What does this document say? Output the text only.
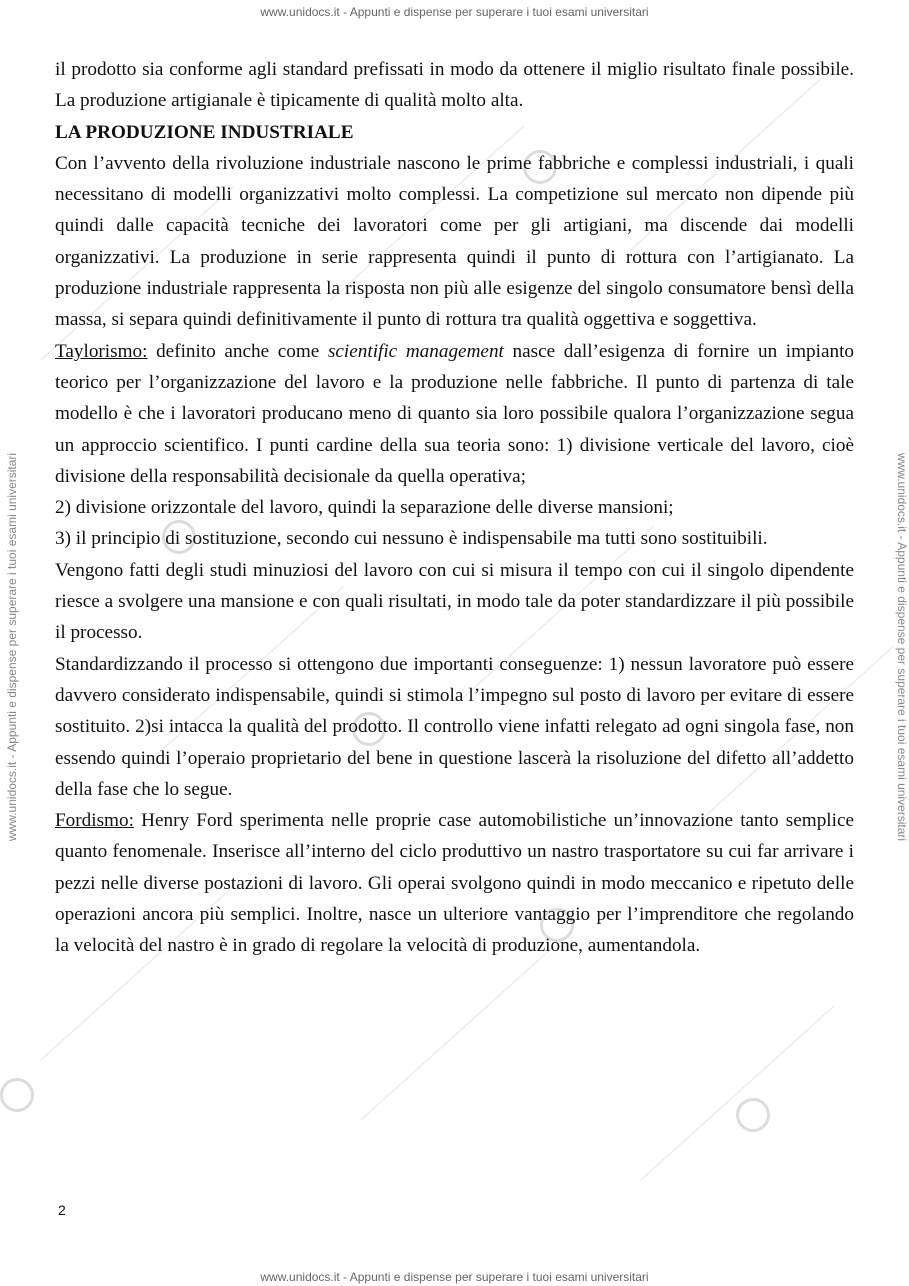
www.unidocs.it - Appunti e dispense per superare i tuoi esami universitari
www.unidocs.it - Appunti e dispense per superare i tuoi esami universitari
www.unidocs.it - Appunti e dispense per superare i tuoi esami universitari	www.unidocs.it - Appunti e dispense per superare i tuoi esami universitari

il prodotto sia conforme agli standard prefissati in modo da ottenere il miglio risultato finale possibile. La produzione artigianale è tipicamente di qualità molto alta.

LA PRODUZIONE INDUSTRIALE

Con l’avvento della rivoluzione industriale nascono le prime fabbriche e complessi industriali, i quali necessitano di modelli organizzativi molto complessi. La competizione sul mercato non dipende più quindi dalle capacità tecniche dei lavoratori come per gli artigiani, ma discende dai modelli organizzativi. La produzione in serie rappresenta quindi il punto di rottura con l’artigianato. La produzione industriale rappresenta la risposta non più alle esigenze del singolo consumatore bensì della massa, si separa quindi definitivamente il punto di rottura tra qualità oggettiva e soggettiva.

Taylorismo: definito anche come scientific management nasce dall’esigenza di fornire un impianto teorico per l’organizzazione del lavoro e la produzione nelle fabbriche. Il punto di partenza di tale modello è che i lavoratori producano meno di quanto sia loro possibile qualora l’organizzazione segua un approccio scientifico. I punti cardine della sua teoria sono: 1) divisione verticale del lavoro, cioè divisione della responsabilità decisionale da quella operativa;

2) divisione orizzontale del lavoro, quindi la separazione delle diverse mansioni;

3) il principio di sostituzione, secondo cui nessuno è indispensabile ma tutti sono sostituibili.

Vengono fatti degli studi minuziosi del lavoro con cui si misura il tempo con cui il singolo dipendente riesce a svolgere una mansione e con quali risultati, in modo tale da poter standardizzare il più possibile il processo.

Standardizzando il processo si ottengono due importanti conseguenze: 1) nessun lavoratore può essere davvero considerato indispensabile, quindi si stimola l’impegno sul posto di lavoro per evitare di essere sostituito. 2)si intacca la qualità del prodotto. Il controllo viene infatti relegato ad ogni singola fase, non essendo quindi l’operaio proprietario del bene in questione lascerà la risoluzione del difetto all’addetto della fase che lo segue.

Fordismo: Henry Ford sperimenta nelle proprie case automobilistiche un’innovazione tanto semplice quanto fenomenale. Inserisce all’interno del ciclo produttivo un nastro trasportatore su cui far arrivare i pezzi nelle diverse postazioni di lavoro. Gli operai svolgono quindi in modo meccanico e ripetuto delle operazioni ancora più semplici. Inoltre, nasce un ulteriore vantaggio per l’imprenditore che regolando la velocità del nastro è in grado di regolare la velocità di produzione, aumentandola.

2
